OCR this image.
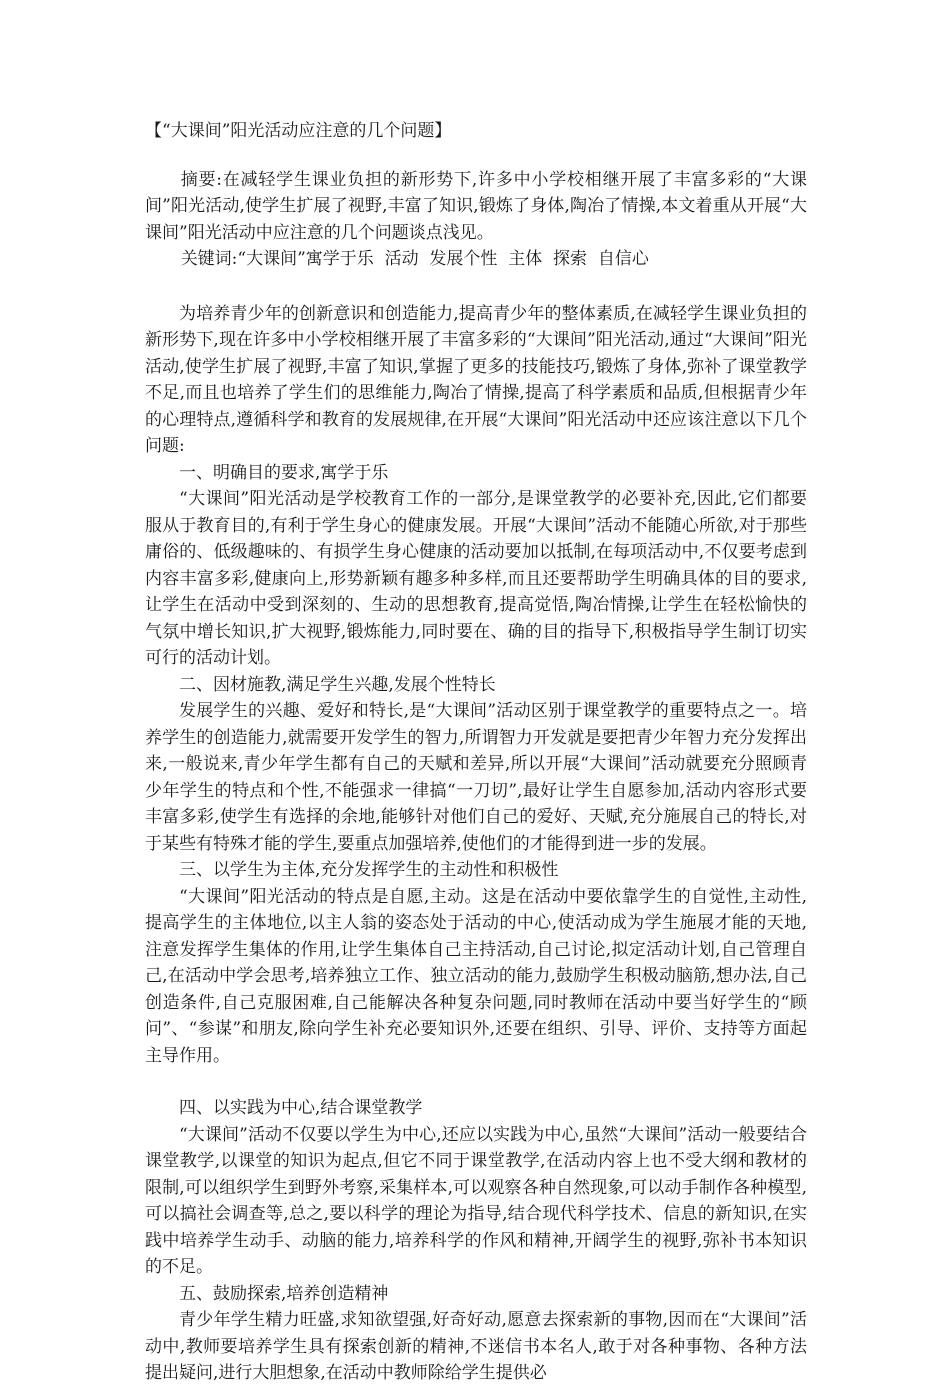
【“大课间”阳光活动应注意的几个问题】

摘要:在减轻学生课业负担的新形势下,许多中小学校相继开展了丰富多彩的“大课间”阳光活动,使学生扩展了视野,丰富了知识,锻炼了身体,陶冶了情操,本文着重从开展“大课间”阳光活动中应注意的几个问题谈点浅见。

关键词:“大课间”寓学于乐  活动  发展个性  主体  探索  自信心

为培养青少年的创新意识和创造能力,提高青少年的整体素质,在减轻学生课业负担的新形势下,现在许多中小学校相继开展了丰富多彩的“大课间”阳光活动,通过“大课间”阳光活动,使学生扩展了视野,丰富了知识,掌握了更多的技能技巧,锻炼了身体,弥补了课堂教学不足,而且也培养了学生们的思维能力,陶冶了情操,提高了科学素质和品质,但根据青少年的心理特点,遵循科学和教育的发展规律,在开展“大课间”阳光活动中还应该注意以下几个问题:

一、明确目的要求,寓学于乐

“大课间”阳光活动是学校教育工作的一部分,是课堂教学的必要补充,因此,它们都要服从于教育目的,有利于学生身心的健康发展。开展“大课间”活动不能随心所欲,对于那些庸俗的、低级趣味的、有损学生身心健康的活动要加以抵制,在每项活动中,不仅要考虑到内容丰富多彩,健康向上,形势新颖有趣多种多样,而且还要帮助学生明确具体的目的要求,让学生在活动中受到深刻的、生动的思想教育,提高觉悟,陶冶情操,让学生在轻松愉快的气氛中增长知识,扩大视野,锻炼能力,同时要在、确的目的指导下,积极指导学生制订切实可行的活动计划。

二、因材施教,满足学生兴趣,发展个性特长

发展学生的兴趣、爱好和特长,是“大课间”活动区别于课堂教学的重要特点之一。培养学生的创造能力,就需要开发学生的智力,所谓智力开发就是要把青少年智力充分发挥出来,一般说来,青少年学生都有自己的天赋和差异,所以开展“大课间”活动就要充分照顾青少年学生的特点和个性,不能强求一律搞“一刀切”,最好让学生自愿参加,活动内容形式要丰富多彩,使学生有选择的余地,能够针对他们自己的爱好、天赋,充分施展自己的特长,对于某些有特殊才能的学生,要重点加强培养,使他们的才能得到进一步的发展。

三、以学生为主体,充分发挥学生的主动性和积极性

“大课间”阳光活动的特点是自愿,主动。这是在活动中要依靠学生的自觉性,主动性,提高学生的主体地位,以主人翁的姿态处于活动的中心,使活动成为学生施展才能的天地,注意发挥学生集体的作用,让学生集体自己主持活动,自己讨论,拟定活动计划,自己管理自己,在活动中学会思考,培养独立工作、独立活动的能力,鼓励学生积极动脑筋,想办法,自己创造条件,自己克服困难,自己能解决各种复杂问题,同时教师在活动中要当好学生的“顾问”、“参谋”和朋友,除向学生补充必要知识外,还要在组织、引导、评价、支持等方面起主导作用。

四、以实践为中心,结合课堂教学

“大课间”活动不仅要以学生为中心,还应以实践为中心,虽然“大课间”活动一般要结合课堂教学,以课堂的知识为起点,但它不同于课堂教学,在活动内容上也不受大纲和教材的限制,可以组织学生到野外考察,采集样本,可以观察各种自然现象,可以动手制作各种模型,可以搞社会调查等,总之,要以科学的理论为指导,结合现代科学技术、信息的新知识,在实践中培养学生动手、动脑的能力,培养科学的作风和精神,开阔学生的视野,弥补书本知识的不足。

五、鼓励探索,培养创造精神

青少年学生精力旺盛,求知欲望强,好奇好动,愿意去探索新的事物,因而在“大课间”活动中,教师要培养学生具有探索创新的精神,不迷信书本名人,敢于对各种事物、各种方法提出疑问,进行大胆想象,在活动中教师除给学生提供必
